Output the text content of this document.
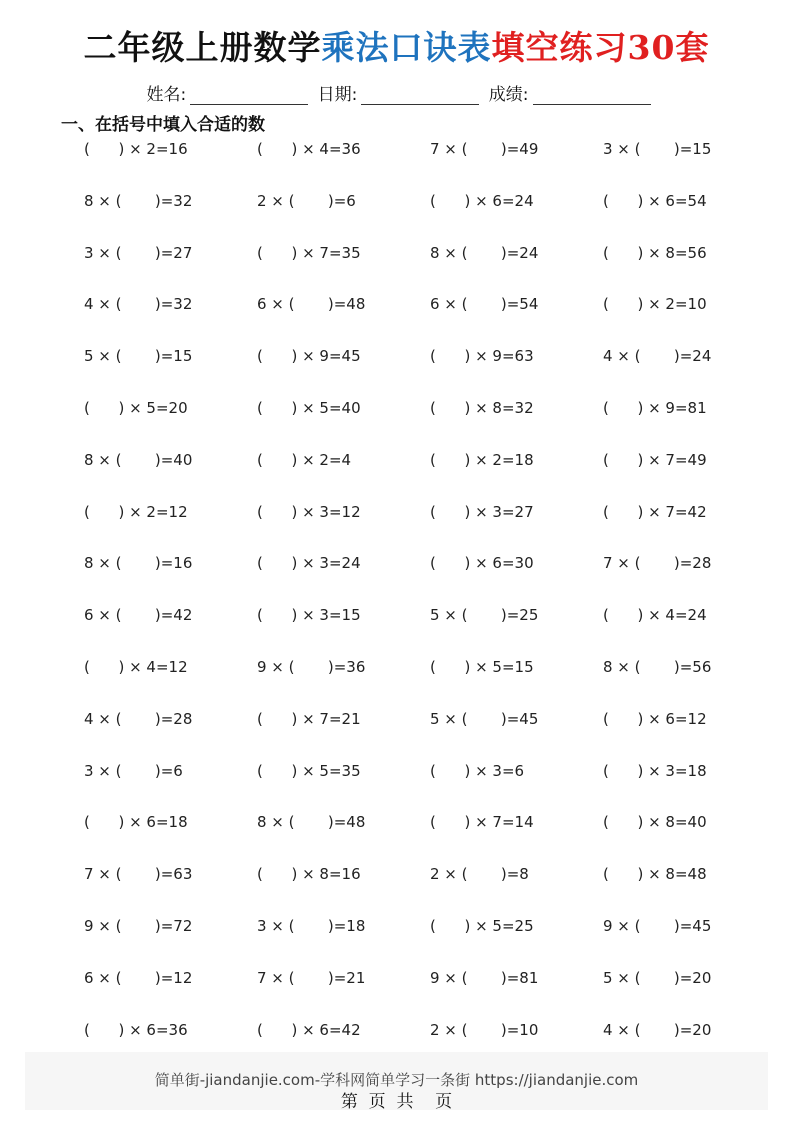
二年级上册数学乘法口诀表填空练习30套
姓名:	日期:	成绩:
一、在括号中填入合适的数
(      ) × 2=16	(      ) × 4=36	7 × (       )=49	3 × (       )=15
8 × (       )=32	2 × (       )=6	(      ) × 6=24	(      ) × 6=54
3 × (       )=27	(      ) × 7=35	8 × (       )=24	(      ) × 8=56
4 × (       )=32	6 × (       )=48	6 × (       )=54	(      ) × 2=10
5 × (       )=15	(      ) × 9=45	(      ) × 9=63	4 × (       )=24
(      ) × 5=20	(      ) × 5=40	(      ) × 8=32	(      ) × 9=81
8 × (       )=40	(      ) × 2=4	(      ) × 2=18	(      ) × 7=49
(      ) × 2=12	(      ) × 3=12	(      ) × 3=27	(      ) × 7=42
8 × (       )=16	(      ) × 3=24	(      ) × 6=30	7 × (       )=28
6 × (       )=42	(      ) × 3=15	5 × (       )=25	(      ) × 4=24
(      ) × 4=12	9 × (       )=36	(      ) × 5=15	8 × (       )=56
4 × (       )=28	(      ) × 7=21	5 × (       )=45	(      ) × 6=12
3 × (       )=6	(      ) × 5=35	(      ) × 3=6	(      ) × 3=18
(      ) × 6=18	8 × (       )=48	(      ) × 7=14	(      ) × 8=40
7 × (       )=63	(      ) × 8=16	2 × (       )=8	(      ) × 8=48
9 × (       )=72	3 × (       )=18	(      ) × 5=25	9 × (       )=45
6 × (       )=12	7 × (       )=21	9 × (       )=81	5 × (       )=20
(      ) × 6=36	(      ) × 6=42	2 × (       )=10	4 × (       )=20
简单街-jiandanjie.com-学科网简单学习一条街 https://jiandanjie.com
第  页  共    页
